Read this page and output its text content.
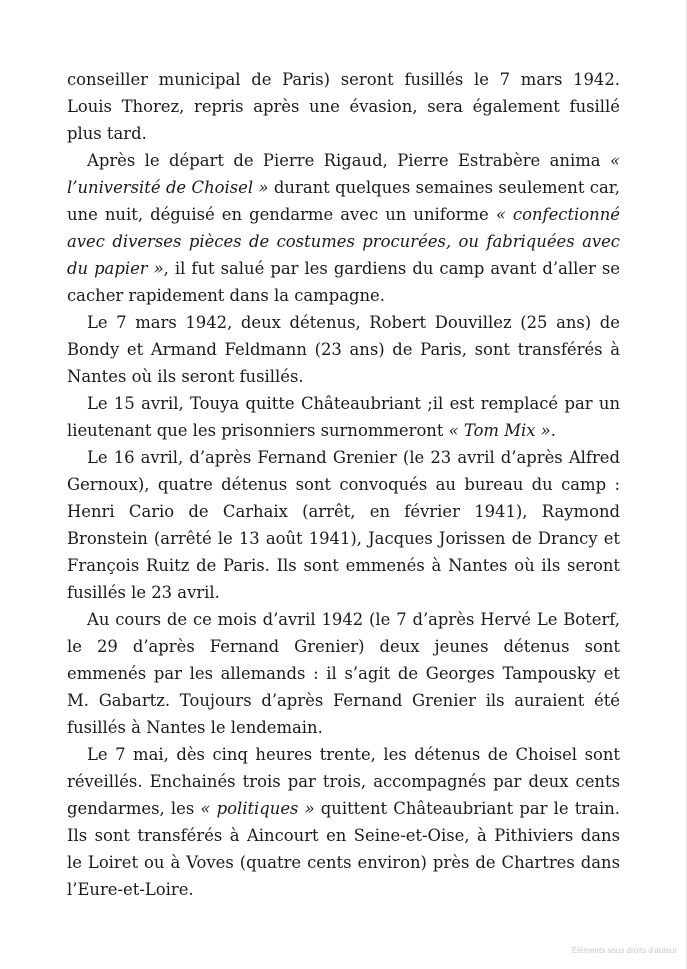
conseiller municipal de Paris) seront fusillés le 7 mars 1942. Louis Thorez, repris après une évasion, sera également fusillé plus tard.

Après le départ de Pierre Rigaud, Pierre Estrabère anima « l’université de Choisel » durant quelques semaines seulement car, une nuit, déguisé en gendarme avec un uniforme « confectionné avec diverses pièces de costumes procurées, ou fabriquées avec du papier », il fut salué par les gardiens du camp avant d’aller se cacher rapidement dans la campagne.

Le 7 mars 1942, deux détenus, Robert Douvillez (25 ans) de Bondy et Armand Feldmann (23 ans) de Paris, sont transférés à Nantes où ils seront fusillés.

Le 15 avril, Touya quitte Châteaubriant ;il est remplacé par un lieutenant que les prisonniers surnommeront « Tom Mix ».

Le 16 avril, d’après Fernand Grenier (le 23 avril d’après Alfred Gernoux), quatre détenus sont convoqués au bureau du camp : Henri Cario de Carhaix (arrêt, en février 1941), Raymond Bronstein (arrêté le 13 août 1941), Jacques Jorissen de Drancy et François Ruitz de Paris. Ils sont emmenés à Nantes où ils seront fusillés le 23 avril.

Au cours de ce mois d’avril 1942 (le 7 d’après Hervé Le Boterf, le 29 d’après Fernand Grenier) deux jeunes détenus sont emmenés par les allemands : il s’agit de Georges Tampousky et M. Gabartz. Toujours d’après Fernand Grenier ils auraient été fusillés à Nantes le lendemain.

Le 7 mai, dès cinq heures trente, les détenus de Choisel sont réveillés. Enchainés trois par trois, accompagnés par deux cents gendarmes, les « politiques » quittent Châteaubriant par le train. Ils sont transférés à Aincourt en Seine-et-Oise, à Pithiviers dans le Loiret ou à Voves (quatre cents environ) près de Chartres dans l’Eure-et-Loire.

Éléments sous droits d'auteur
